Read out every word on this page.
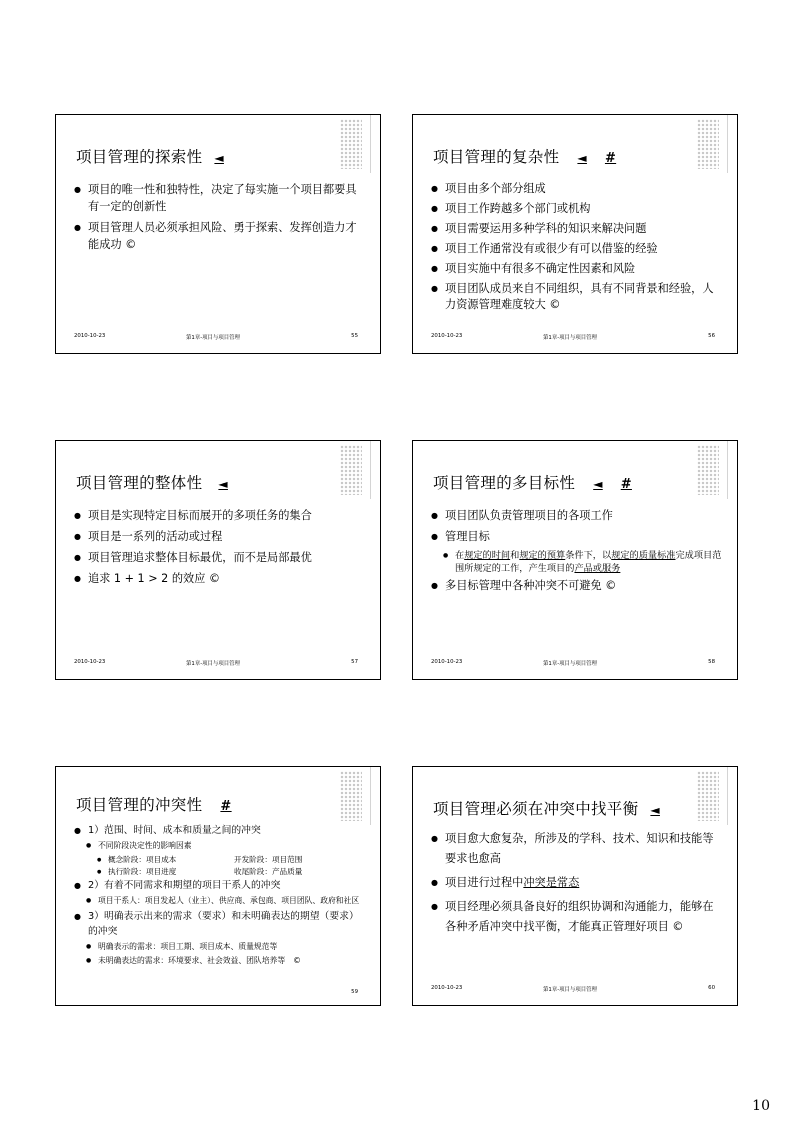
项目管理的探索性 ◄
● 项目的唯一性和独特性，决定了每实施一个项目都要具有一定的创新性
● 项目管理人员必须承担风险、勇于探索、发挥创造力才能成功 ©
2010-10-23	第1章-项目与项目管理	55
项目管理的复杂性 ◄ #
● 项目由多个部分组成
● 项目工作跨越多个部门或机构
● 项目需要运用多种学科的知识来解决问题
● 项目工作通常没有或很少有可以借鉴的经验
● 项目实施中有很多不确定性因素和风险
● 项目团队成员来自不同组织，具有不同背景和经验，人力资源管理难度较大 ©
2010-10-23	第1章-项目与项目管理	56
项目管理的整体性 ◄
● 项目是实现特定目标而展开的多项任务的集合
● 项目是一系列的活动或过程
● 项目管理追求整体目标最优，而不是局部最优
● 追求 1 + 1 > 2 的效应 ©
2010-10-23	第1章-项目与项目管理	57
项目管理的多目标性 ◄ #
● 项目团队负责管理项目的各项工作
● 管理目标
● 在规定的时间和规定的预算条件下，以规定的质量标准完成项目范围所规定的工作，产生项目的产品或服务
● 多目标管理中各种冲突不可避免 ©
2010-10-23	第1章-项目与项目管理	58
项目管理的冲突性 #
● 1）范围、时间、成本和质量之间的冲突
● 不同阶段决定性的影响因素
● 概念阶段：项目成本	开发阶段：项目范围
● 执行阶段：项目进度	收尾阶段：产品质量
● 2）有着不同需求和期望的项目干系人的冲突
● 项目干系人：项目发起人（业主）、供应商、承包商、项目团队、政府和社区
● 3）明确表示出来的需求（要求）和未明确表达的期望（要求）的冲突
● 明确表示的需求：项目工期、项目成本、质量规范等
● 未明确表达的需求：环境要求、社会效益、团队培养等 ©
59
项目管理必须在冲突中找平衡 ◄
● 项目愈大愈复杂，所涉及的学科、技术、知识和技能等要求也愈高
● 项目进行过程中冲突是常态
● 项目经理必须具备良好的组织协调和沟通能力，能够在各种矛盾冲突中找平衡，才能真正管理好项目 ©
2010-10-23	第1章-项目与项目管理	60
10
